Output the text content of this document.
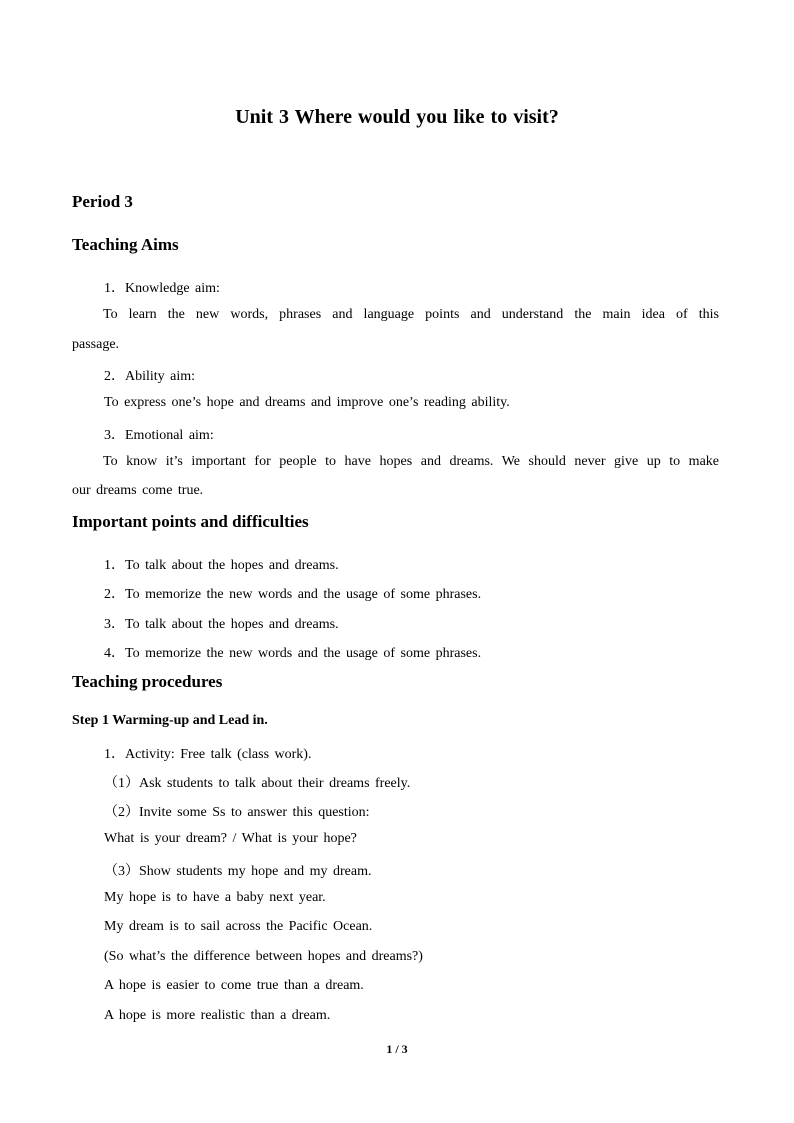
Unit 3 Where would you like to visit?
Period 3
Teaching Aims
1．Knowledge aim:
To learn the new words, phrases and language points and understand the main idea of this
passage.
2．Ability aim:
To express one’s hope and dreams and improve one’s reading ability.
3．Emotional aim:
To know it’s important for people to have hopes and dreams. We should never give up to make
our dreams come true.
Important points and difficulties
1．To talk about the hopes and dreams.
2．To memorize the new words and the usage of some phrases.
3．To talk about the hopes and dreams.
4．To memorize the new words and the usage of some phrases.
Teaching procedures
Step 1 Warming-up and Lead in.
1．Activity: Free talk (class work).
（1）Ask students to talk about their dreams freely.
（2）Invite some Ss to answer this question:
What is your dream? / What is your hope?
（3）Show students my hope and my dream.
My hope is to have a baby next year.
My dream is to sail across the Pacific Ocean.
(So what’s the difference between hopes and dreams?)
A hope is easier to come true than a dream.
A hope is more realistic than a dream.
1 / 3
